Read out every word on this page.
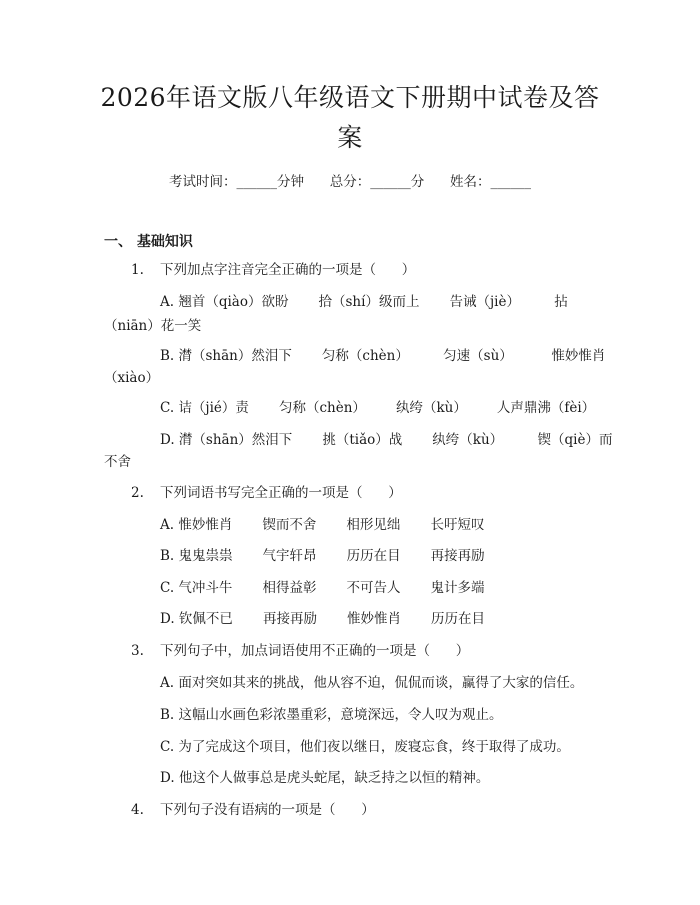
2026年语文版八年级语文下册期中试卷及答案
考试时间：______分钟 总分：______分 姓名：______
一、 基础知识
1. 下列加点字注音完全正确的一项是（      ）
A. 翘首（qiào）欲盼       拾（shí）级而上       告诫（jiè）        拈
（niān）花一笑
B. 潸（shān）然泪下       匀称（chèn）        匀速（sù）         惟妙惟肖
（xiào）
C. 诘（jié）责       匀称（chèn）       纨绔（kù）       人声鼎沸（fèi）
D. 潸（shān）然泪下       挑（tiǎo）战       纨绔（kù）        锲（qiè）而
不舍
2. 下列词语书写完全正确的一项是（      ）
A. 惟妙惟肖       锲而不舍       相形见绌       长吁短叹
B. 鬼鬼祟祟       气宇轩昂       历历在目       再接再励
C. 气冲斗牛       相得益彰       不可告人       鬼计多端
D. 钦佩不已       再接再励       惟妙惟肖       历历在目
3. 下列句子中，加点词语使用不正确的一项是（      ）
A. 面对突如其来的挑战，他从容不迫，侃侃而谈，赢得了大家的信任。
B. 这幅山水画色彩浓墨重彩，意境深远，令人叹为观止。
C. 为了完成这个项目，他们夜以继日，废寝忘食，终于取得了成功。
D. 他这个人做事总是虎头蛇尾，缺乏持之以恒的精神。
4. 下列句子没有语病的一项是（      ）
